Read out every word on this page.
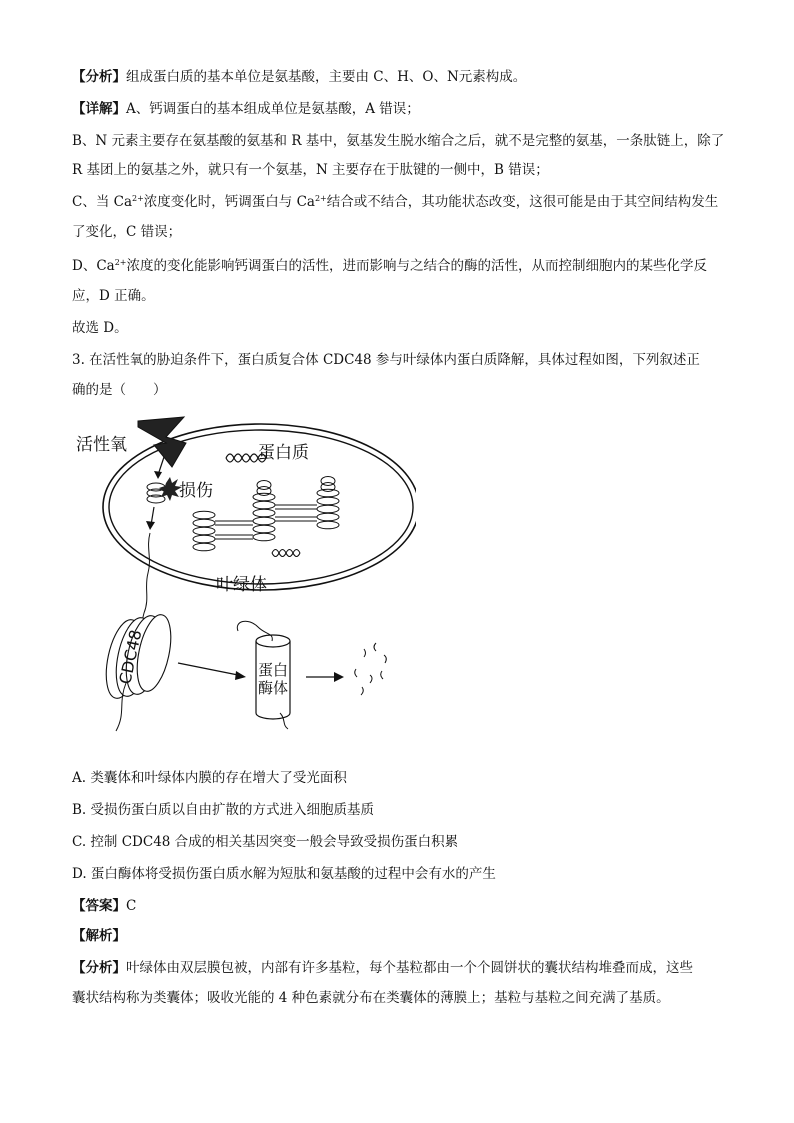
【分析】组成蛋白质的基本单位是氨基酸，主要由 C、H、O、N元素构成。
【详解】A、钙调蛋白的基本组成单位是氨基酸，A 错误；
B、N 元素主要存在氨基酸的氨基和 R 基中，氨基发生脱水缩合之后，就不是完整的氨基，一条肽链上，除了
R 基团上的氨基之外，就只有一个氨基，N 主要存在于肽键的一侧中，B 错误；
C、当 $Ca^{2+}$浓度变化时，钙调蛋白与 $Ca^{2+}$结合或不结合，其功能状态改变，这很可能是由于其空间结构发生
了变化，C 错误；
D、$Ca^{2+}$浓度的变化能影响钙调蛋白的活性，进而影响与之结合的酶的活性，从而控制细胞内的某些化学反
应，D 正确。
故选 D。
3. 在活性氧的胁迫条件下，蛋白质复合体 CDC48 参与叶绿体内蛋白质降解，具体过程如图，下列叙述正
确的是（　　）
活性氧	蛋白质
损伤
叶绿体
CDC48	蛋白
酶体
A. 类囊体和叶绿体内膜的存在增大了受光面积
B. 受损伤蛋白质以自由扩散的方式进入细胞质基质
C. 控制 CDC48 合成的相关基因突变一般会导致受损伤蛋白积累
D. 蛋白酶体将受损伤蛋白质水解为短肽和氨基酸的过程中会有水的产生
【答案】C
【解析】
【分析】叶绿体由双层膜包被，内部有许多基粒，每个基粒都由一个个圆饼状的囊状结构堆叠而成，这些
囊状结构称为类囊体；吸收光能的 4 种色素就分布在类囊体的薄膜上；基粒与基粒之间充满了基质。
